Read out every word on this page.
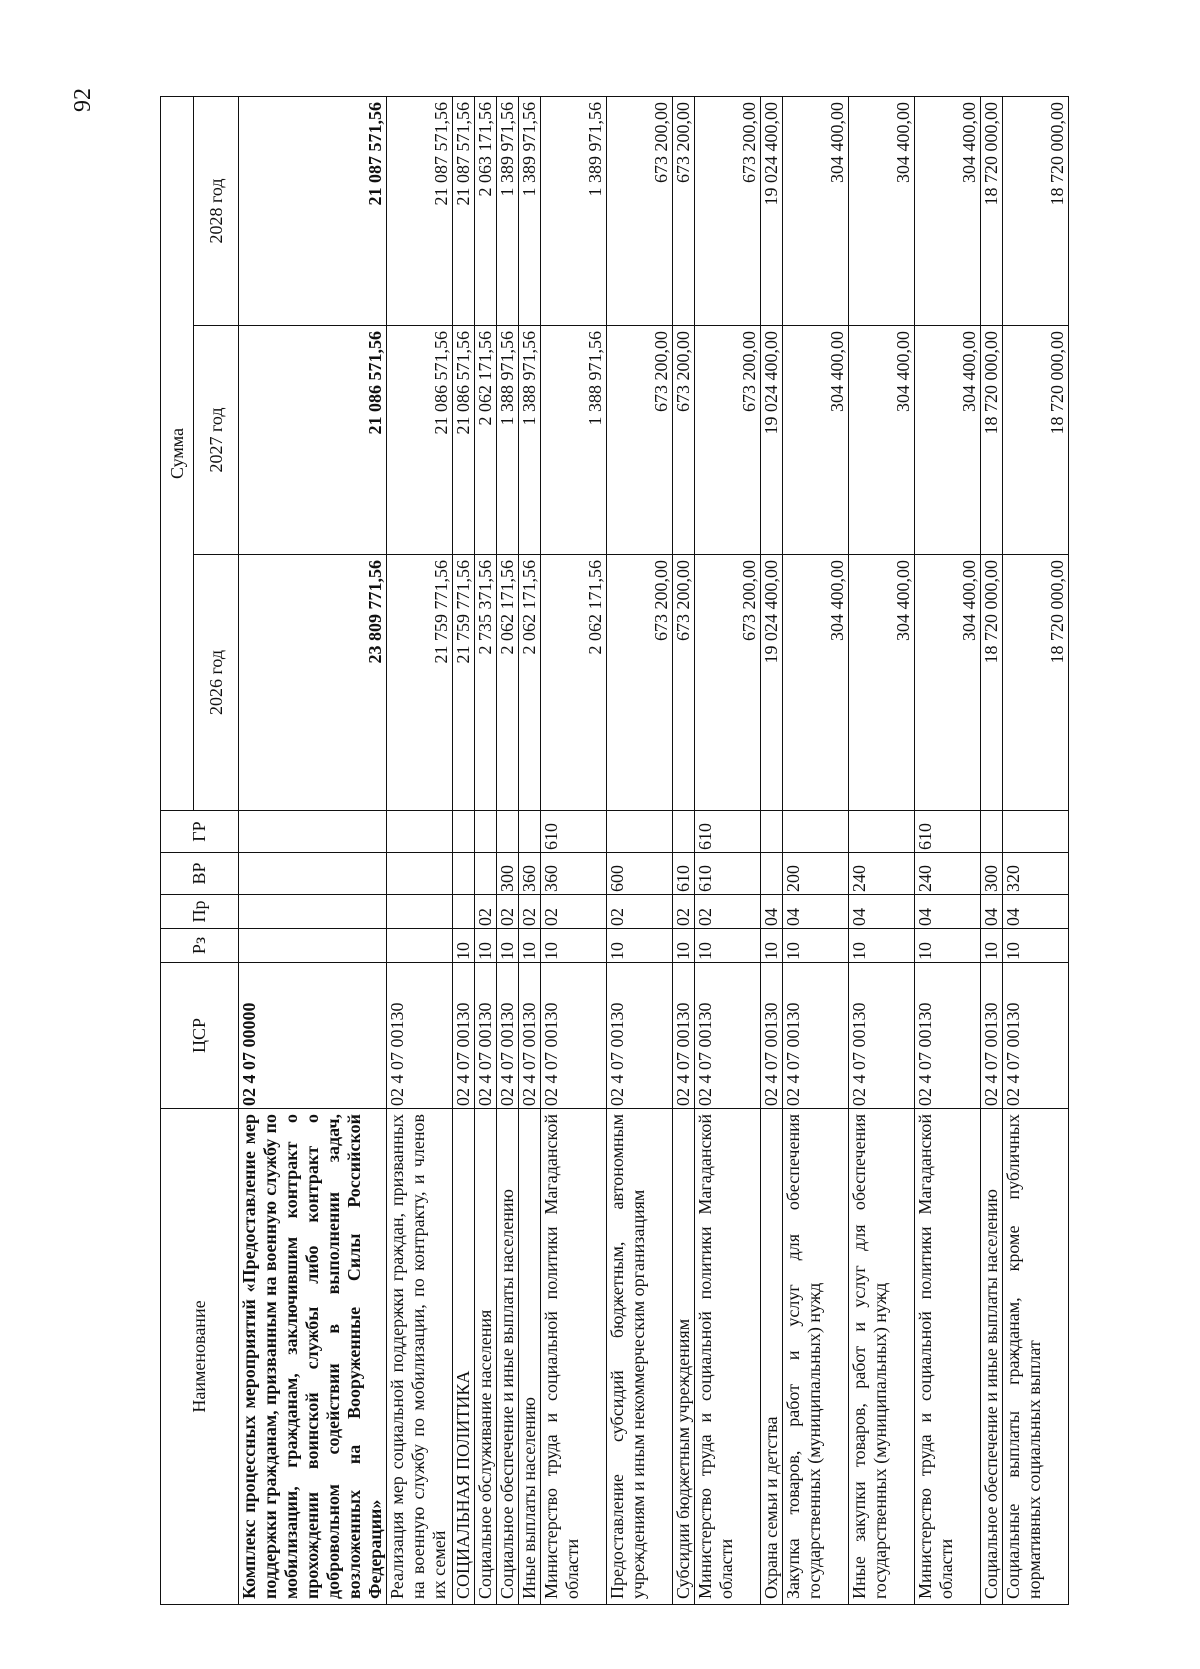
92
Наименование	ЦСР	Рз	Пр	ВР	ГР	Сумма		
						2026 год	2027 год	2028 год
Комплекс процессных мероприятий «Предоставление мер поддержки гражданам, призванным на военную службу по мобилизации, гражданам, заключившим контракт о прохождении воинской службы либо контракт о добровольном содействии в выполнении задач, возложенных на Вооруженные Силы Российской Федерации»	02 4 07 00000					23 809 771,56	21 086 571,56	21 087 571,56
Реализация мер социальной поддержки граждан, призванных на военную службу по мобилизации, по контракту, и членов их семей	02 4 07 00130					21 759 771,56	21 086 571,56	21 087 571,56
СОЦИАЛЬНАЯ ПОЛИТИКА	02 4 07 00130	10				21 759 771,56	21 086 571,56	21 087 571,56
Социальное обслуживание населения	02 4 07 00130	10	02			2 735 371,56	2 062 171,56	2 063 171,56
Социальное обеспечение и иные выплаты населению	02 4 07 00130	10	02	300		2 062 171,56	1 388 971,56	1 389 971,56
Иные выплаты населению	02 4 07 00130	10	02	360		2 062 171,56	1 388 971,56	1 389 971,56
Министерство труда и социальной политики Магаданской области	02 4 07 00130	10	02	360	610	2 062 171,56	1 388 971,56	1 389 971,56
Предоставление субсидий бюджетным, автономным учреждениям и иным некоммерческим организациям	02 4 07 00130	10	02	600		673 200,00	673 200,00	673 200,00
Субсидии бюджетным учреждениям	02 4 07 00130	10	02	610		673 200,00	673 200,00	673 200,00
Министерство труда и социальной политики Магаданской области	02 4 07 00130	10	02	610	610	673 200,00	673 200,00	673 200,00
Охрана семьи и детства	02 4 07 00130	10	04			19 024 400,00	19 024 400,00	19 024 400,00
Закупка товаров, работ и услуг для обеспечения государственных (муниципальных) нужд	02 4 07 00130	10	04	200		304 400,00	304 400,00	304 400,00
Иные закупки товаров, работ и услуг для обеспечения государственных (муниципальных) нужд	02 4 07 00130	10	04	240		304 400,00	304 400,00	304 400,00
Министерство труда и социальной политики Магаданской области	02 4 07 00130	10	04	240	610	304 400,00	304 400,00	304 400,00
Социальное обеспечение и иные выплаты населению	02 4 07 00130	10	04	300		18 720 000,00	18 720 000,00	18 720 000,00
Социальные выплаты гражданам, кроме публичных нормативных социальных выплат	02 4 07 00130	10	04	320		18 720 000,00	18 720 000,00	18 720 000,00
